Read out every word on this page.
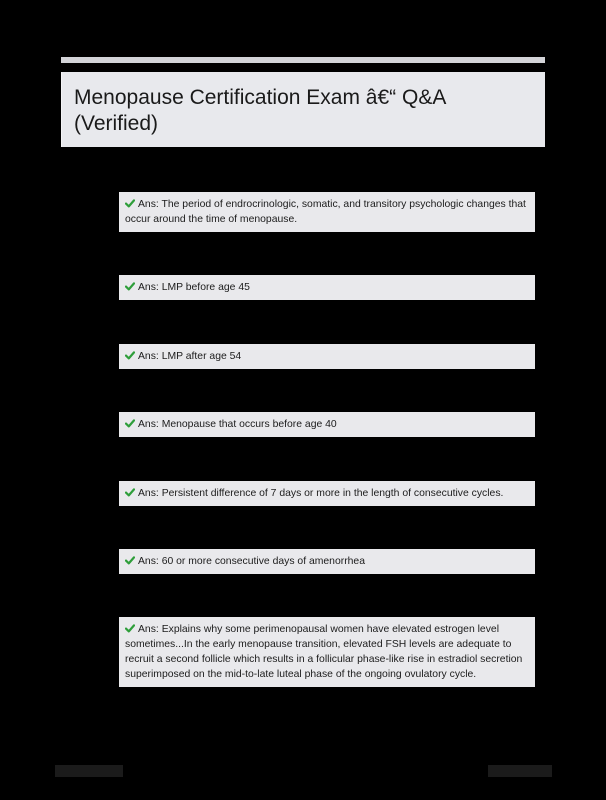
Menopause Certification Exam â€“ Q&A (Verified)
Ans: The period of endrocrinologic, somatic, and transitory psychologic changes that occur around the time of menopause.
Ans: LMP before age 45
Ans: LMP after age 54
Ans: Menopause that occurs before age 40
Ans: Persistent difference of 7 days or more in the length of consecutive cycles.
Ans: 60 or more consecutive days of amenorrhea
Ans: Explains why some perimenopausal women have elevated estrogen level sometimes...In the early menopause transition, elevated FSH levels are adequate to recruit a second follicle which results in a follicular phase-like rise in estradiol secretion superimposed on the mid-to-late luteal phase of the ongoing ovulatory cycle.
